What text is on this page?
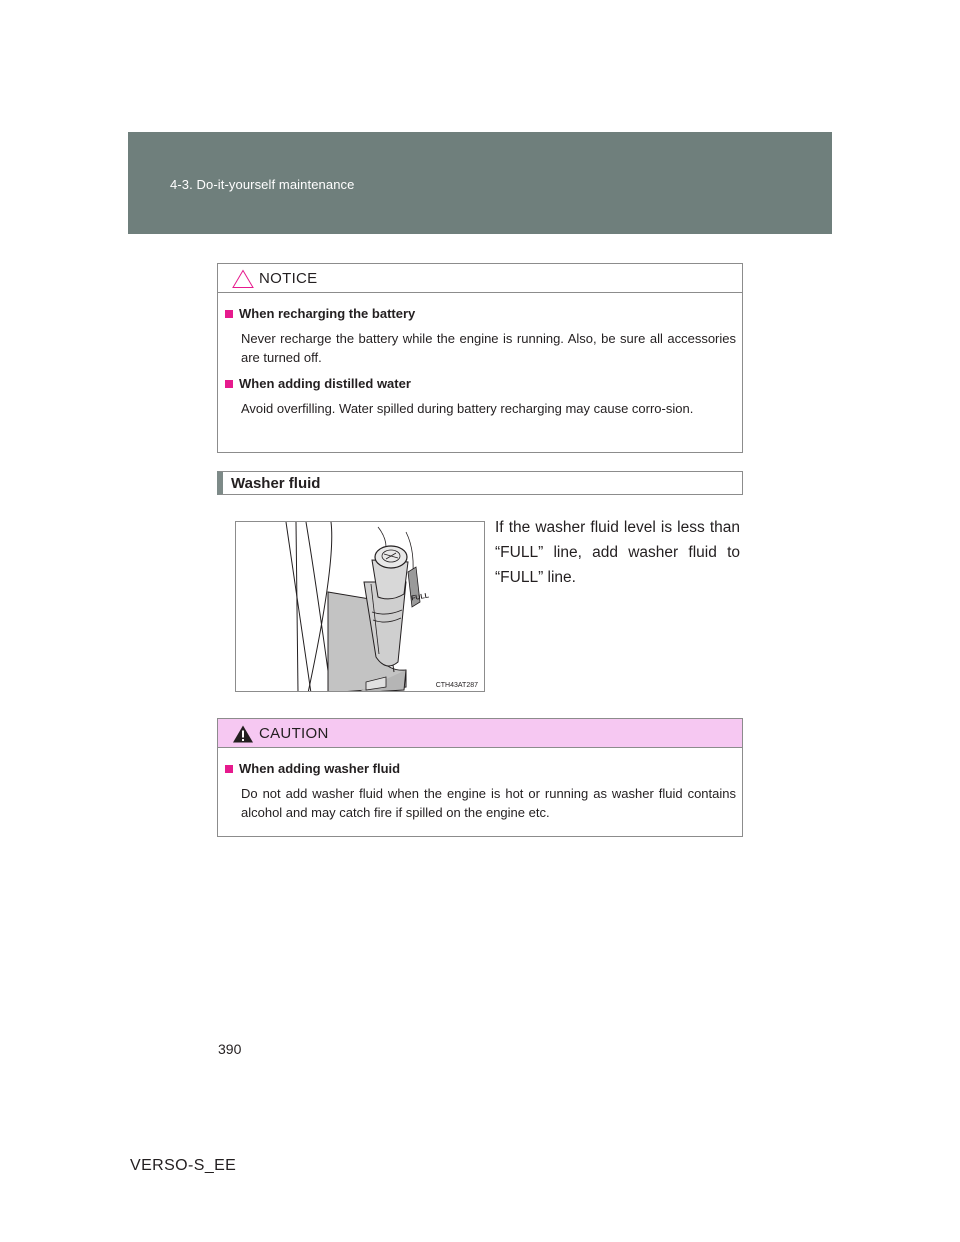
4-3. Do-it-yourself maintenance
NOTICE
When recharging the battery
Never recharge the battery while the engine is running. Also, be sure all accessories are turned off.
When adding distilled water
Avoid overfilling. Water spilled during battery recharging may cause corro-sion.
Washer fluid
FULL
CTH43AT287
If the washer fluid level is less than “FULL” line, add washer fluid to “FULL” line.
CAUTION
When adding washer fluid
Do not add washer fluid when the engine is hot or running as washer fluid contains alcohol and may catch fire if spilled on the engine etc.
390
VERSO-S_EE
